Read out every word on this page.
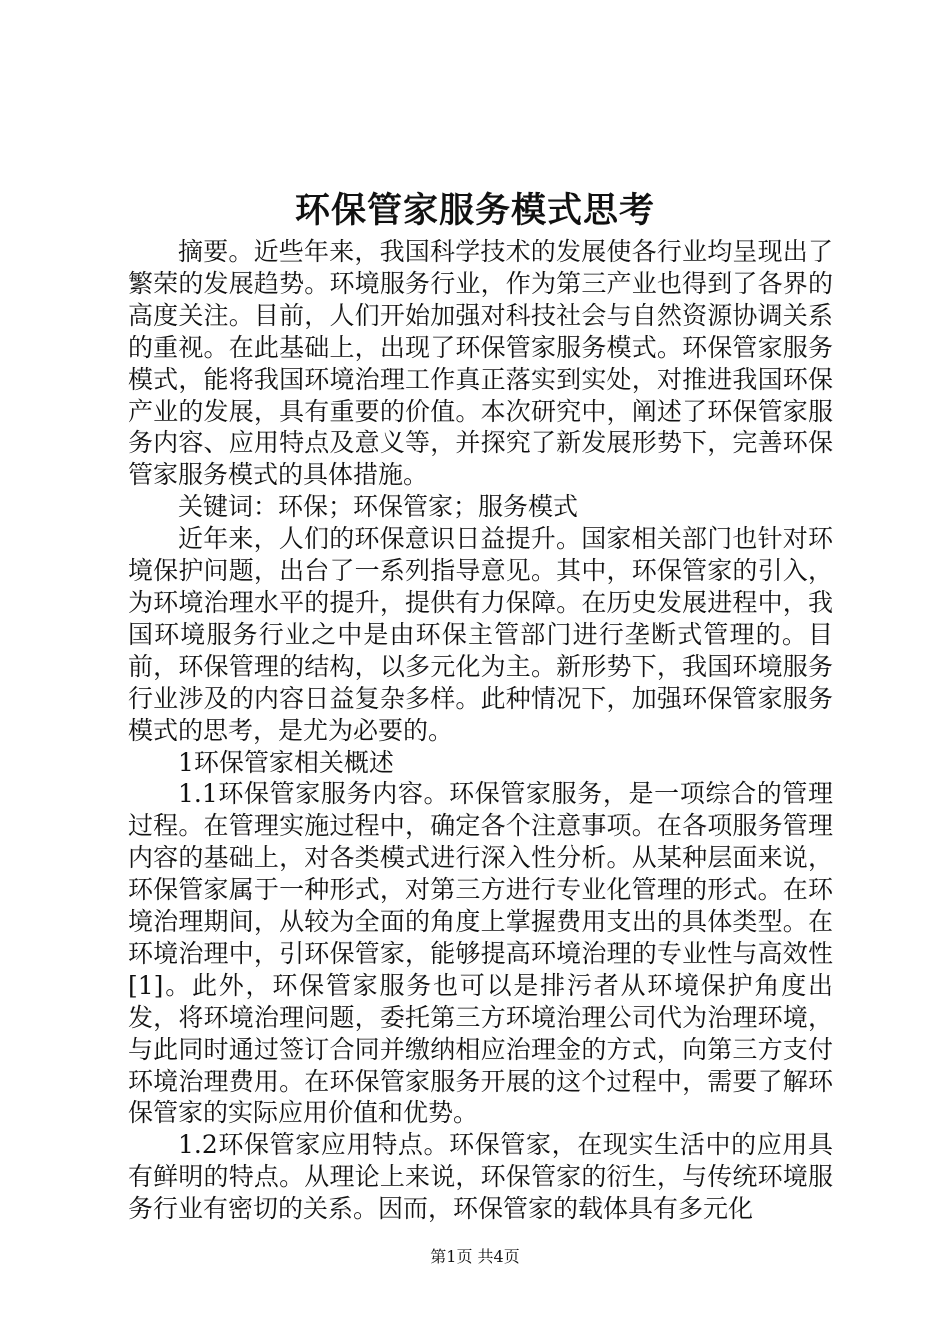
环保管家服务模式思考

摘要。近些年来，我国科学技术的发展使各行业均呈现出了繁荣的发展趋势。环境服务行业，作为第三产业也得到了各界的高度关注。目前，人们开始加强对科技社会与自然资源协调关系的重视。在此基础上，出现了环保管家服务模式。环保管家服务模式，能将我国环境治理工作真正落实到实处，对推进我国环保产业的发展，具有重要的价值。本次研究中，阐述了环保管家服务内容、应用特点及意义等，并探究了新发展形势下，完善环保管家服务模式的具体措施。

关键词：环保；环保管家；服务模式

近年来，人们的环保意识日益提升。国家相关部门也针对环境保护问题，出台了一系列指导意见。其中，环保管家的引入，为环境治理水平的提升，提供有力保障。在历史发展进程中，我国环境服务行业之中是由环保主管部门进行垄断式管理的。目前，环保管理的结构，以多元化为主。新形势下，我国环境服务行业涉及的内容日益复杂多样。此种情况下，加强环保管家服务模式的思考，是尤为必要的。

1环保管家相关概述

1.1环保管家服务内容。环保管家服务，是一项综合的管理过程。在管理实施过程中，确定各个注意事项。在各项服务管理内容的基础上，对各类模式进行深入性分析。从某种层面来说，环保管家属于一种形式，对第三方进行专业化管理的形式。在环境治理期间，从较为全面的角度上掌握费用支出的具体类型。在环境治理中，引环保管家，能够提高环境治理的专业性与高效性[1]。此外，环保管家服务也可以是排污者从环境保护角度出发，将环境治理问题，委托第三方环境治理公司代为治理环境，与此同时通过签订合同并缴纳相应治理金的方式，向第三方支付环境治理费用。在环保管家服务开展的这个过程中，需要了解环保管家的实际应用价值和优势。

1.2环保管家应用特点。环保管家，在现实生活中的应用具有鲜明的特点。从理论上来说，环保管家的衍生，与传统环境服务行业有密切的关系。因而，环保管家的载体具有多元化

第1页 共4页
